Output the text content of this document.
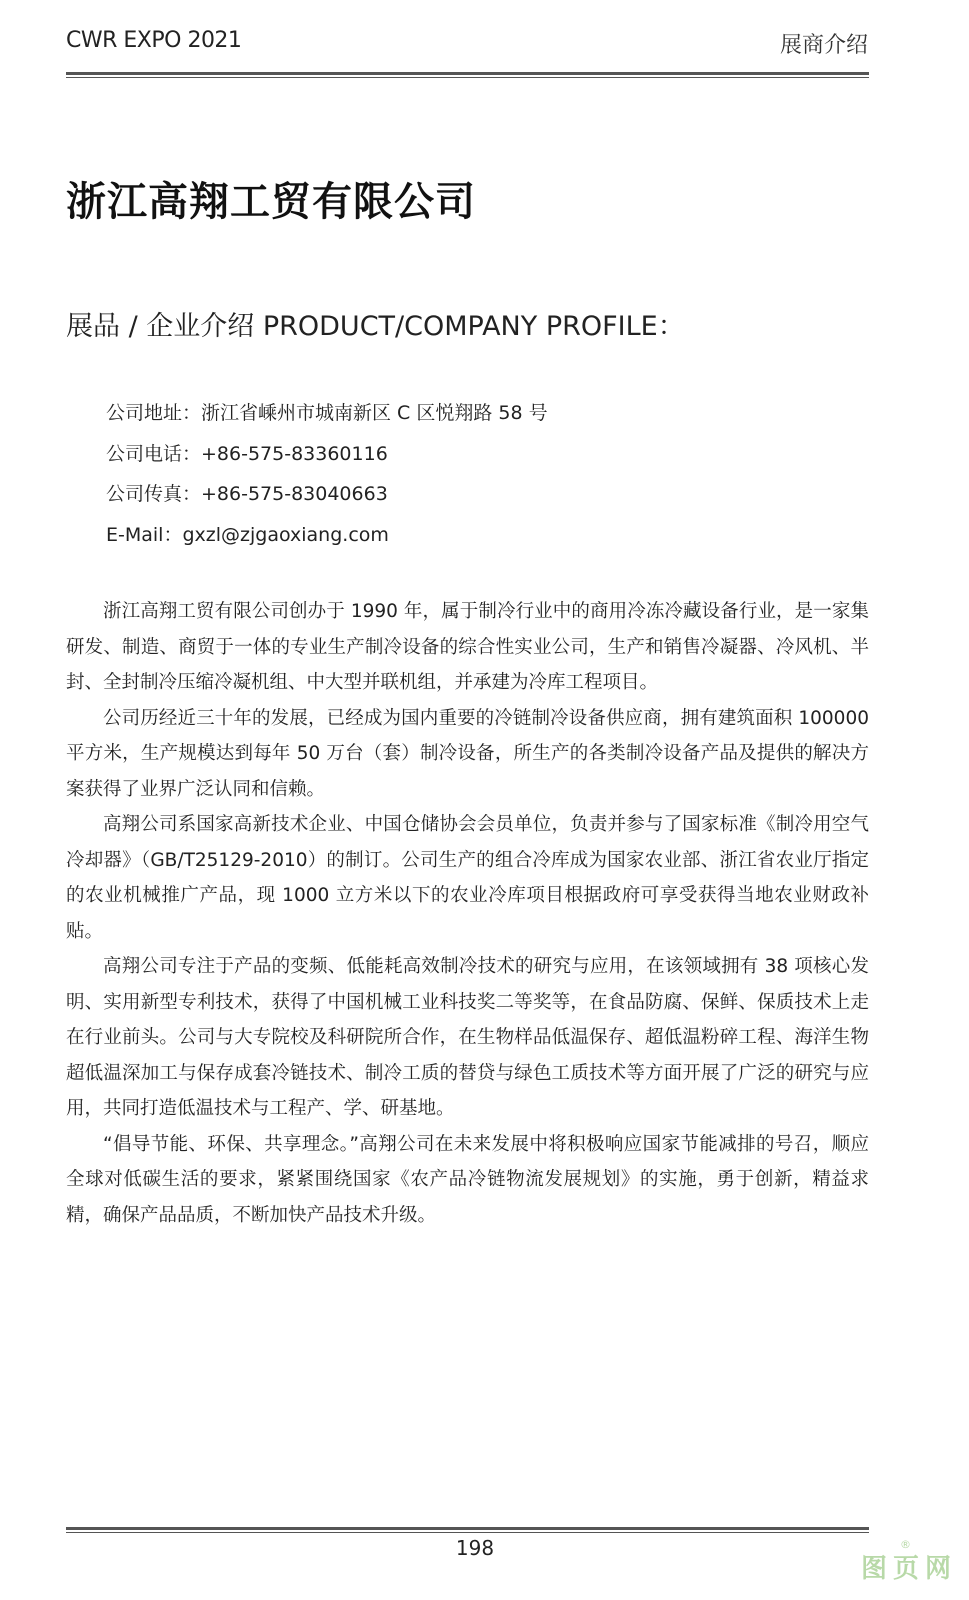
CWR EXPO 2021	展商介绍
浙江高翔工贸有限公司
展品 / 企业介绍 PRODUCT/COMPANY PROFILE：
公司地址：浙江省嵊州市城南新区 C 区悦翔路 58 号
公司电话：+86-575-83360116
公司传真：+86-575-83040663
E-Mail：gxzl@zjgaoxiang.com

浙江高翔工贸有限公司创办于 1990 年，属于制冷行业中的商用冷冻冷藏设备行业，是一家集研发、制造、商贸于一体的专业生产制冷设备的综合性实业公司，生产和销售冷凝器、冷风机、半封、全封制冷压缩冷凝机组、中大型并联机组，并承建为冷库工程项目。

公司历经近三十年的发展，已经成为国内重要的冷链制冷设备供应商，拥有建筑面积 100000 平方米，生产规模达到每年 50 万台（套）制冷设备，所生产的各类制冷设备产品及提供的解决方案获得了业界广泛认同和信赖。

高翔公司系国家高新技术企业、中国仓储协会会员单位，负责并参与了国家标准《制冷用空气冷却器》（GB/T25129-2010）的制订。公司生产的组合冷库成为国家农业部、浙江省农业厅指定的农业机械推广产品，现 1000 立方米以下的农业冷库项目根据政府可享受获得当地农业财政补贴。

高翔公司专注于产品的变频、低能耗高效制冷技术的研究与应用，在该领域拥有 38 项核心发明、实用新型专利技术，获得了中国机械工业科技奖二等奖等，在食品防腐、保鲜、保质技术上走在行业前头。公司与大专院校及科研院所合作，在生物样品低温保存、超低温粉碎工程、海洋生物超低温深加工与保存成套冷链技术、制冷工质的替贷与绿色工质技术等方面开展了广泛的研究与应用，共同打造低温技术与工程产、学、研基地。

“倡导节能、环保、共享理念。”高翔公司在未来发展中将积极响应国家节能减排的号召，顺应全球对低碳生活的要求，紧紧围绕国家《农产品冷链物流发展规划》的实施，勇于创新，精益求精，确保产品品质，不断加快产品技术升级。

198	®
图页网
